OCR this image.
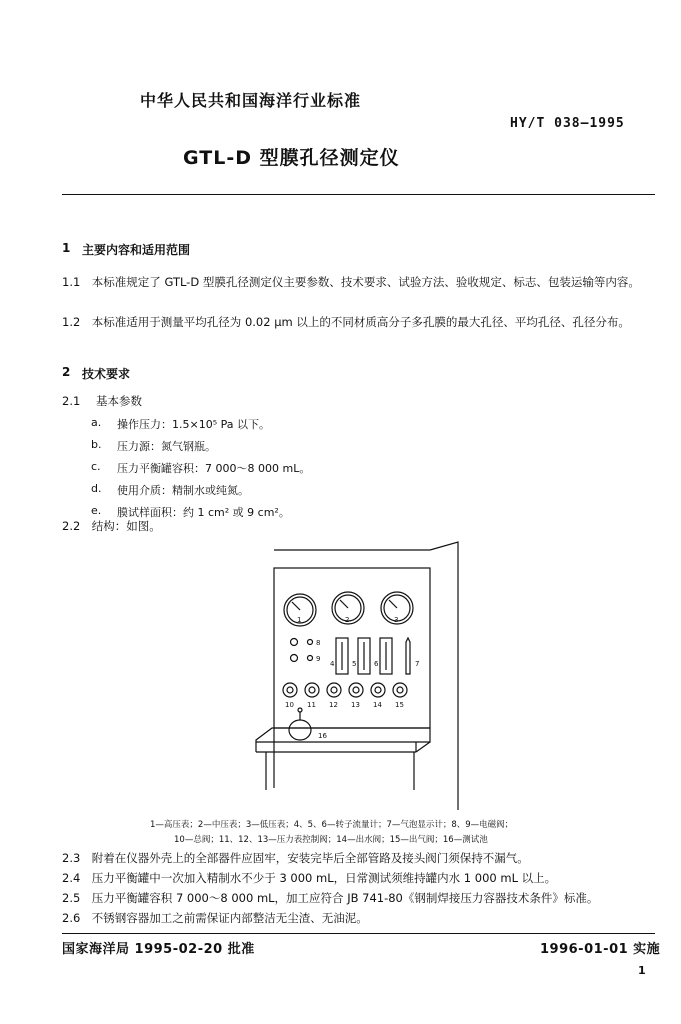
中华人民共和国海洋行业标准
HY/T 038—1995
GTL-D 型膜孔径测定仪
1 主要内容和适用范围
1.1　本标准规定了 GTL-D 型膜孔径测定仪主要参数、技术要求、试验方法、验收规定、标志、包装运输等内容。
1.2　本标准适用于测量平均孔径为 0.02 μm 以上的不同材质高分子多孔膜的最大孔径、平均孔径、孔径分布。
2 技术要求
2.1 基本参数
a. 操作压力：1.5×10⁵ Pa 以下。
b. 压力源：氮气钢瓶。
c. 压力平衡罐容积：7 000～8 000 mL。
d. 使用介质：精制水或纯氮。
e. 膜试样面积：约 1 cm² 或 9 cm²。
2.2　结构：如图。
1	2	3
4	5	6	7
8
9
10 11 12 13 14 15
16
1—高压表；2—中压表；3—低压表；4、5、6—转子流量计；7—气泡显示计；8、9—电磁阀；
10—总阀；11、12、13—压力表控制阀；14—出水阀；15—出气阀；16—测试池
2.3　附着在仪器外壳上的全部器件应固牢，安装完毕后全部管路及接头阀门须保持不漏气。
2.4　压力平衡罐中一次加入精制水不少于 3 000 mL，日常测试须维持罐内水 1 000 mL 以上。
2.5　压力平衡罐容积 7 000～8 000 mL，加工应符合 JB 741-80《钢制焊接压力容器技术条件》标准。
2.6　不锈钢容器加工之前需保证内部整洁无尘渣、无油泥。
国家海洋局 1995-02-20 批准	1996-01-01 实施
1
